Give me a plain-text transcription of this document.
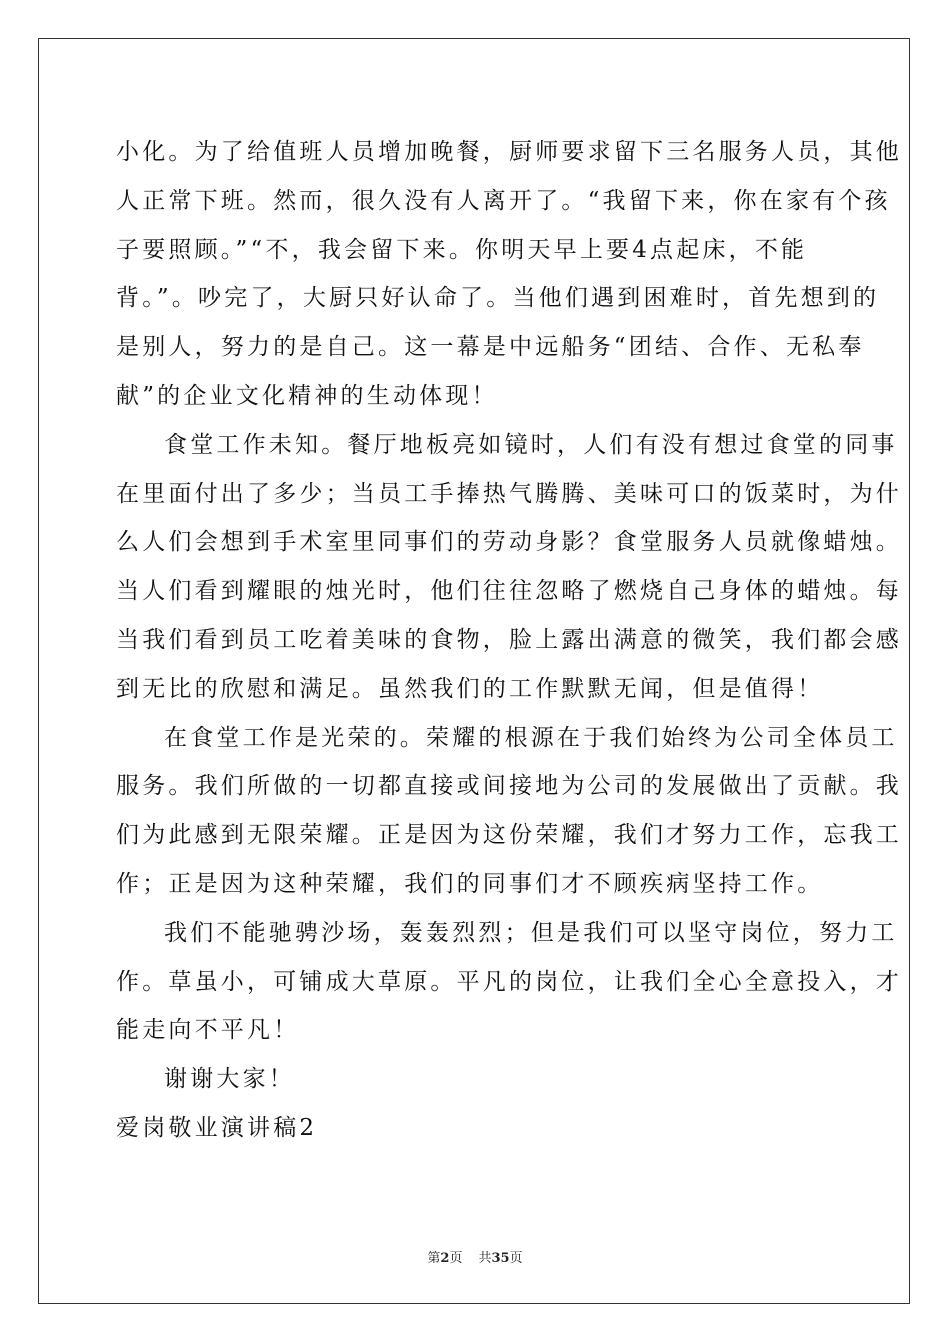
小化。为了给值班人员增加晚餐，厨师要求留下三名服务人员，其他
人正常下班。然而，很久没有人离开了。“我留下来，你在家有个孩
子要照顾。”“不，我会留下来。你明天早上要4点起床，不能
背。”。吵完了，大厨只好认命了。当他们遇到困难时，首先想到的
是别人，努力的是自己。这一幕是中远船务“团结、合作、无私奉
献”的企业文化精神的生动体现！
食堂工作未知。餐厅地板亮如镜时，人们有没有想过食堂的同事
在里面付出了多少；当员工手捧热气腾腾、美味可口的饭菜时，为什
么人们会想到手术室里同事们的劳动身影？食堂服务人员就像蜡烛。
当人们看到耀眼的烛光时，他们往往忽略了燃烧自己身体的蜡烛。每
当我们看到员工吃着美味的食物，脸上露出满意的微笑，我们都会感
到无比的欣慰和满足。虽然我们的工作默默无闻，但是值得！
在食堂工作是光荣的。荣耀的根源在于我们始终为公司全体员工
服务。我们所做的一切都直接或间接地为公司的发展做出了贡献。我
们为此感到无限荣耀。正是因为这份荣耀，我们才努力工作，忘我工
作；正是因为这种荣耀，我们的同事们才不顾疾病坚持工作。
我们不能驰骋沙场，轰轰烈烈；但是我们可以坚守岗位，努力工
作。草虽小，可铺成大草原。平凡的岗位，让我们全心全意投入，才
能走向不平凡！
谢谢大家！
爱岗敬业演讲稿2
第2页 共35页
